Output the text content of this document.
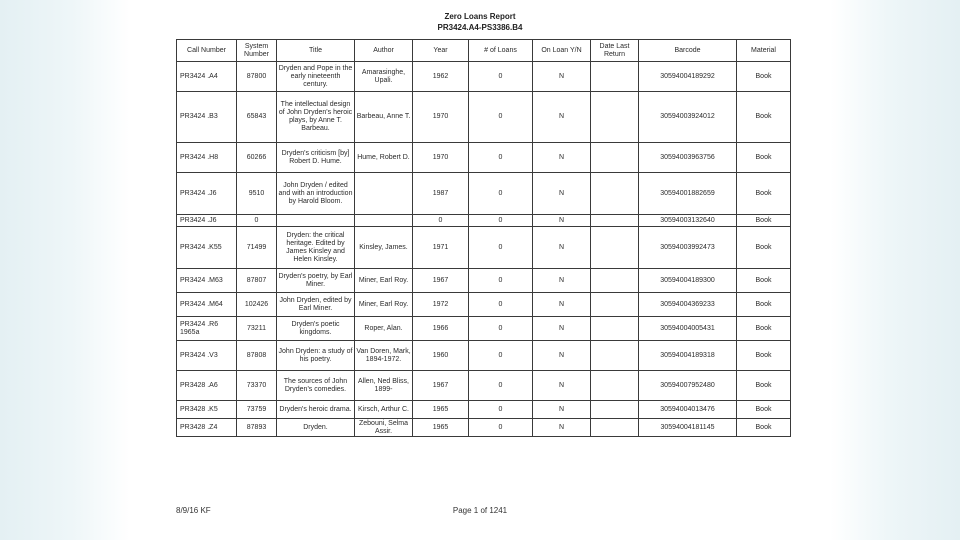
Zero Loans Report
PR3424.A4-PS3386.B4
Call Number	System Number	Title	Author	Year	# of Loans	On Loan Y/N	Date Last Return	Barcode	Material
PR3424 .A4	87800	Dryden and Pope in the early nineteenth century.	Amarasinghe, Upali.	1962	0	N		30594004189292	Book
PR3424 .B3	65843	The intellectual design of John Dryden's heroic plays, by Anne T. Barbeau.	Barbeau, Anne T.	1970	0	N		30594003924012	Book
PR3424 .H8	60266	Dryden's criticism [by] Robert D. Hume.	Hume, Robert D.	1970	0	N		30594003963756	Book
PR3424 .J6	9510	John Dryden / edited and with an introduction by Harold Bloom.		1987	0	N		30594001882659	Book
PR3424 .J6	0			0	0	N		30594003132640	Book
PR3424 .K55	71499	Dryden: the critical heritage. Edited by James Kinsley and Helen Kinsley.	Kinsley, James.	1971	0	N		30594003992473	Book
PR3424 .M63	87807	Dryden's poetry, by Earl Miner.	Miner, Earl Roy.	1967	0	N		30594004189300	Book
PR3424 .M64	102426	John Dryden, edited by Earl Miner.	Miner, Earl Roy.	1972	0	N		30594004369233	Book
PR3424 .R6 1965a	73211	Dryden's poetic kingdoms.	Roper, Alan.	1966	0	N		30594004005431	Book
PR3424 .V3	87808	John Dryden: a study of his poetry.	Van Doren, Mark, 1894-1972.	1960	0	N		30594004189318	Book
PR3428 .A6	73370	The sources of John Dryden's comedies.	Allen, Ned Bliss, 1899-	1967	0	N		30594007952480	Book
PR3428 .K5	73759	Dryden's heroic drama.	Kirsch, Arthur C.	1965	0	N		30594004013476	Book
PR3428 .Z4	87893	Dryden.	Zebouni, Selma Assir.	1965	0	N		30594004181145	Book
8/9/16 KF	Page 1 of 1241
